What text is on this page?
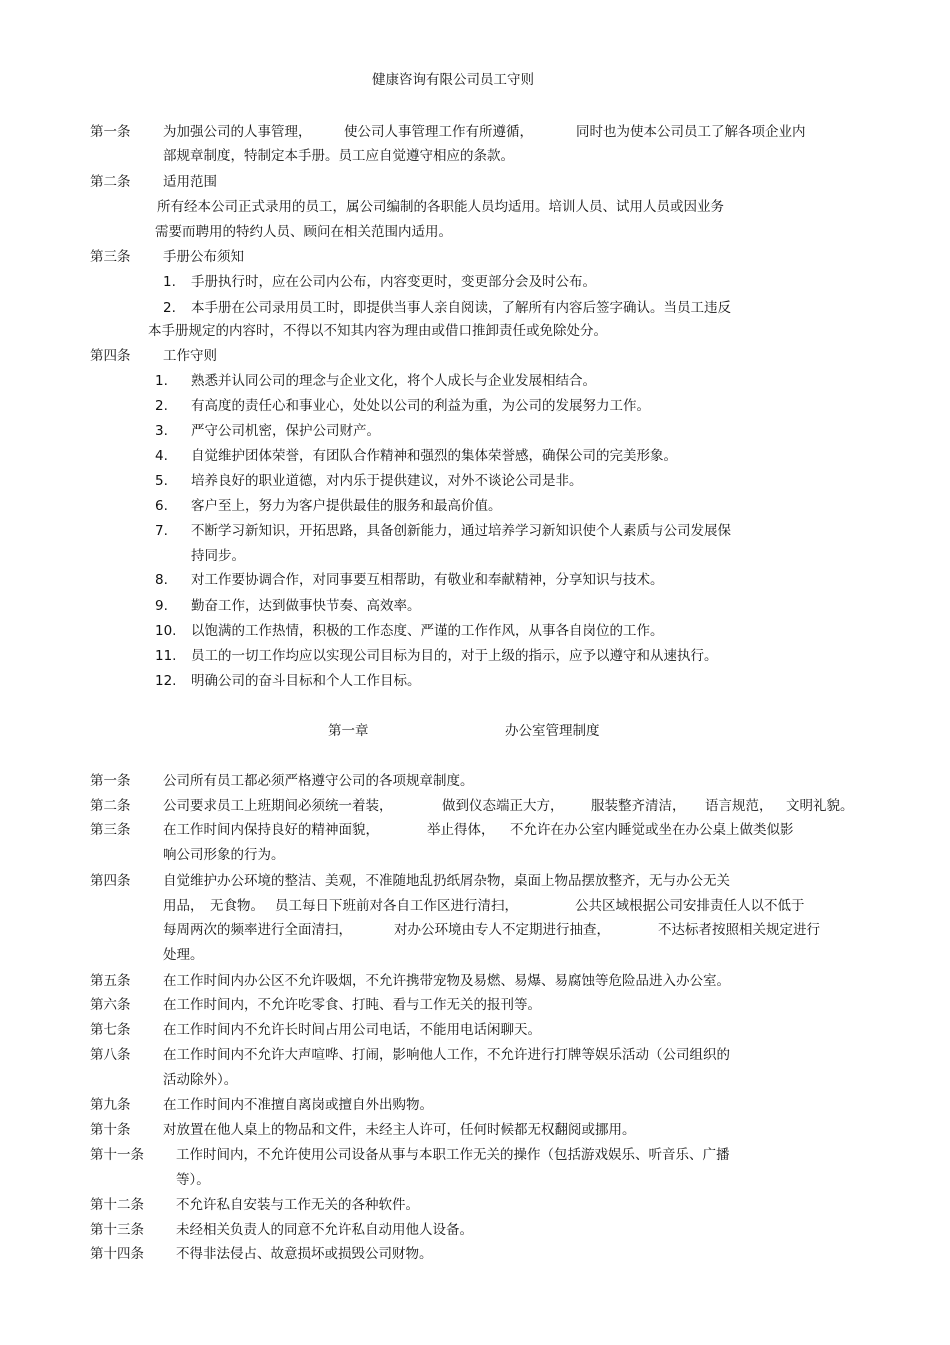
健康咨询有限公司员工守则
第一条 为加强公司的人事管理， 使公司人事管理工作有所遵循，	同时也为使本公司员工了解各项企业内
部规章制度，特制定本手册。员工应自觉遵守相应的条款。
第二条 适用范围
所有经本公司正式录用的员工，属公司编制的各职能人员均适用。培训人员、试用人员或因业务
需要而聘用的特约人员、顾问在相关范围内适用。
第三条 手册公布须知
1. 手册执行时，应在公司内公布，内容变更时，变更部分会及时公布。
2. 本手册在公司录用员工时，即提供当事人亲自阅读，了解所有内容后签字确认。当员工违反
本手册规定的内容时，不得以不知其内容为理由或借口推卸责任或免除处分。
第四条 工作守则
1. 熟悉并认同公司的理念与企业文化，将个人成长与企业发展相结合。
2. 有高度的责任心和事业心，处处以公司的利益为重，为公司的发展努力工作。
3. 严守公司机密，保护公司财产。
4. 自觉维护团体荣誉，有团队合作精神和强烈的集体荣誉感，确保公司的完美形象。
5. 培养良好的职业道德，对内乐于提供建议，对外不谈论公司是非。
6. 客户至上，努力为客户提供最佳的服务和最高价值。
7. 不断学习新知识，开拓思路，具备创新能力，通过培养学习新知识使个人素质与公司发展保
持同步。
8. 对工作要协调合作，对同事要互相帮助，有敬业和奉献精神，分享知识与技术。
9. 勤奋工作，达到做事快节奏、高效率。
10. 以饱满的工作热情，积极的工作态度、严谨的工作作风，从事各自岗位的工作。
11. 员工的一切工作均应以实现公司目标为目的，对于上级的指示，应予以遵守和从速执行。
12. 明确公司的奋斗目标和个人工作目标。
第一章	办公室管理制度
第一条 公司所有员工都必须严格遵守公司的各项规章制度。
第二条 公司要求员工上班期间必须统一着装，	做到仪态端正大方， 服装整齐清洁， 语言规范， 文明礼貌。
第三条 在工作时间内保持良好的精神面貌，	举止得体， 不允许在办公室内睡觉或坐在办公桌上做类似影
响公司形象的行为。
第四条 自觉维护办公环境的整洁、美观，不准随地乱扔纸屑杂物，桌面上物品摆放整齐，无与办公无关
用品， 无食物。 员工每日下班前对各自工作区进行清扫，	公共区域根据公司安排责任人以不低于
每周两次的频率进行全面清扫，	对办公环境由专人不定期进行抽查，	不达标者按照相关规定进行
处理。
第五条 在工作时间内办公区不允许吸烟，不允许携带宠物及易燃、易爆、易腐蚀等危险品进入办公室。
第六条 在工作时间内，不允许吃零食、打盹、看与工作无关的报刊等。
第七条 在工作时间内不允许长时间占用公司电话，不能用电话闲聊天。
第八条 在工作时间内不允许大声喧哗、打闹，影响他人工作，不允许进行打牌等娱乐活动（公司组织的
活动除外）。
第九条 在工作时间内不准擅自离岗或擅自外出购物。
第十条 对放置在他人桌上的物品和文件，未经主人许可，任何时候都无权翻阅或挪用。
第十一条 工作时间内，不允许使用公司设备从事与本职工作无关的操作（包括游戏娱乐、听音乐、广播
等）。
第十二条 不允许私自安装与工作无关的各种软件。
第十三条 未经相关负责人的同意不允许私自动用他人设备。
第十四条 不得非法侵占、故意损坏或损毁公司财物。
